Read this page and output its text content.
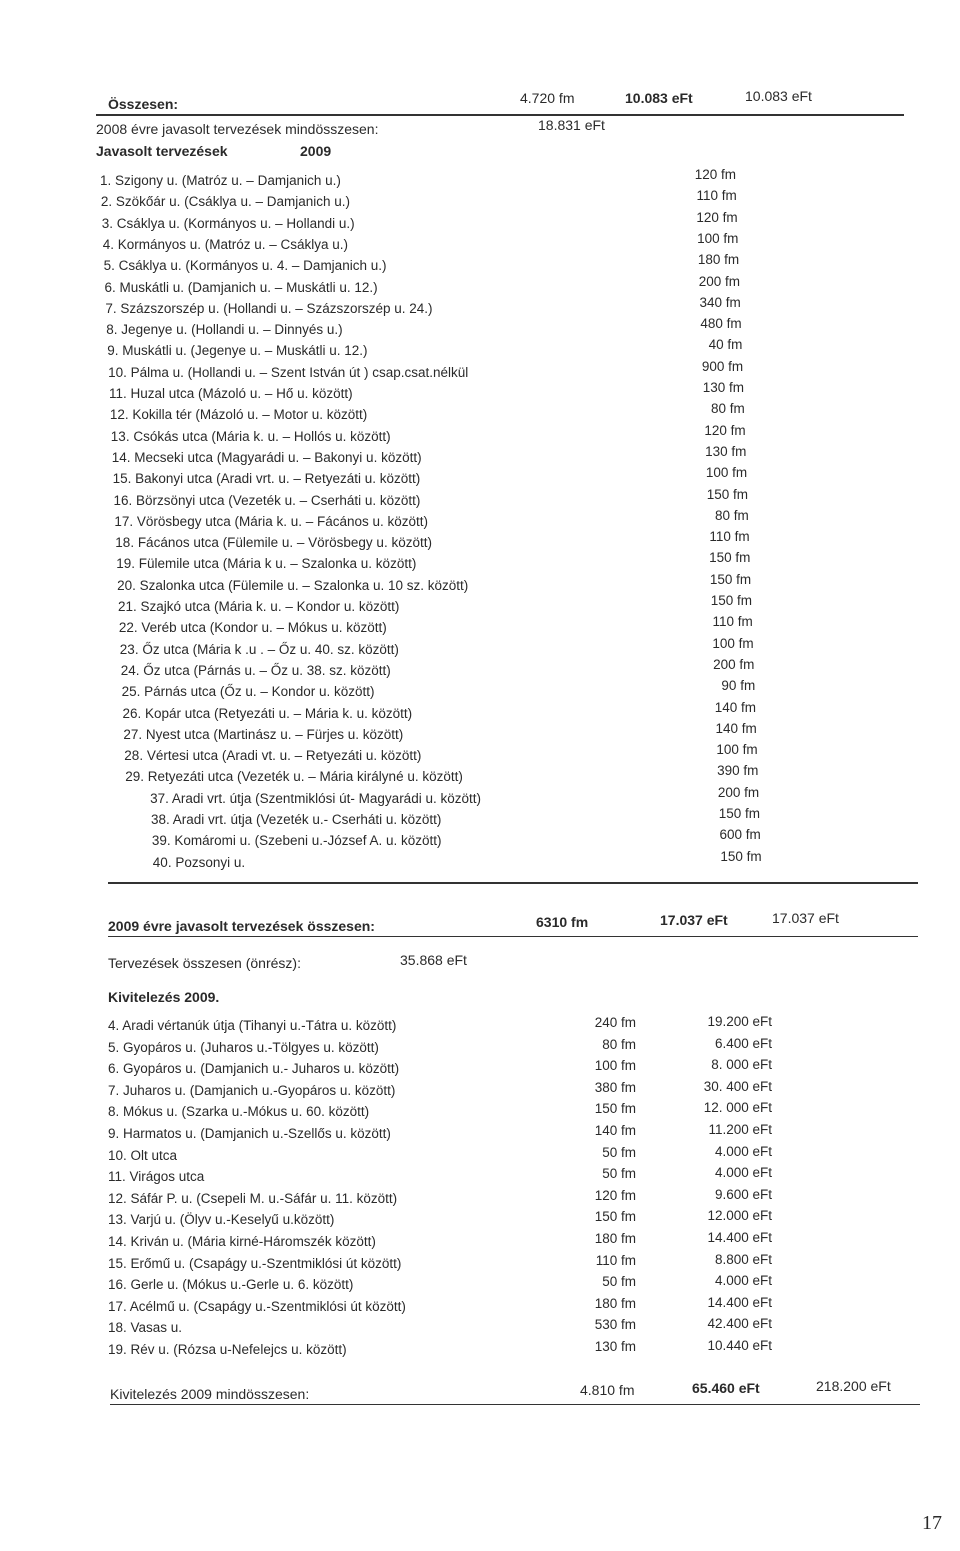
Összesen:	4.720 fm	10.083 eFt	10.083 eFt
2008 évre javasolt tervezések mindösszesen:	18.831 eFt
Javasolt tervezések	2009
1. Szigony u. (Matróz u. – Damjanich u.)	120 fm
2. Szökőár u. (Csáklya u. – Damjanich u.)	110 fm
3. Csáklya u. (Kormányos u. – Hollandi u.)	120 fm
4. Kormányos u. (Matróz u. – Csáklya u.)	100 fm
5. Csáklya u. (Kormányos u. 4. – Damjanich u.)	180 fm
6. Muskátli u. (Damjanich u. – Muskátli u. 12.)	200 fm
7. Százszorszép u. (Hollandi u. – Százszorszép u. 24.)	340 fm
8. Jegenye u. (Hollandi u. – Dinnyés u.)	480 fm
9. Muskátli u. (Jegenye u. – Muskátli u. 12.)	40 fm
10. Pálma u. (Hollandi u. – Szent István út ) csap.csat.nélkül	900 fm
11. Huzal utca (Mázoló u. – Hő u. között)	130 fm
12. Kokilla tér (Mázoló u. – Motor u. között)	80 fm
13. Csókás utca (Mária k. u. – Hollós u. között)	120 fm
14. Mecseki utca (Magyarádi u. – Bakonyi u. között)	130 fm
15. Bakonyi utca (Aradi vrt. u. – Retyezáti u. között)	100 fm
16. Börzsönyi utca (Vezeték u. – Cserháti u. között)	150 fm
17. Vörösbegy utca (Mária k. u. – Fácános u. között)	80 fm
18. Fácános utca (Fülemile u. – Vörösbegy u. között)	110 fm
19. Fülemile utca (Mária k u. – Szalonka u. között)	150 fm
20. Szalonka utca (Fülemile u. – Szalonka u. 10 sz. között)	150 fm
21. Szajkó utca (Mária k. u. – Kondor u. között)	150 fm
22. Veréb utca (Kondor u. – Mókus u. között)	110 fm
23. Őz utca (Mária k .u . – Őz u. 40. sz. között)	100 fm
24. Őz utca (Párnás u. – Őz u. 38. sz. között)	200 fm
25. Párnás utca (Őz u. – Kondor u. között)	90 fm
26. Kopár utca (Retyezáti u. – Mária k. u. között)	140 fm
27. Nyest utca (Martinász u. – Fürjes u. között)	140 fm
28. Vértesi utca (Aradi vt. u. – Retyezáti u. között)	100 fm
29. Retyezáti utca (Vezeték u. – Mária királyné u. között)	390 fm
37. Aradi vrt. útja (Szentmiklósi út- Magyarádi u. között)	200 fm
38. Aradi vrt. útja (Vezeték u.- Cserháti u. között)	150 fm
39. Komáromi u. (Szebeni u.-József A. u. között)	600 fm
40. Pozsonyi u.	150 fm
2009 évre javasolt tervezések összesen:	6310 fm	17.037 eFt	17.037 eFt
Tervezések összesen (önrész):	35.868 eFt
Kivitelezés 2009.
4. Aradi vértanúk útja (Tihanyi u.-Tátra u. között)	240 fm	19.200 eFt
5. Gyopáros u. (Juharos u.-Tölgyes u. között)	80 fm	6.400 eFt
6. Gyopáros u. (Damjanich u.- Juharos u. között)	100 fm	8. 000 eFt
7. Juharos u. (Damjanich u.-Gyopáros u. között)	380 fm	30. 400 eFt
8. Mókus u. (Szarka u.-Mókus u. 60. között)	150 fm	12. 000 eFt
9. Harmatos u. (Damjanich u.-Szellős u. között)	140 fm	11.200 eFt
10. Olt utca	50 fm	4.000 eFt
11. Virágos utca	50 fm	4.000 eFt
12. Sáfár P. u. (Csepeli M. u.-Sáfár u. 11. között)	120 fm	9.600 eFt
13. Varjú u. (Ölyv u.-Keselyű u.között)	150 fm	12.000 eFt
14. Kriván u. (Mária kirné-Háromszék között)	180 fm	14.400 eFt
15. Erőmű u. (Csapágy u.-Szentmiklósi út között)	110 fm	8.800 eFt
16. Gerle u. (Mókus u.-Gerle u. 6. között)	50 fm	4.000 eFt
17. Acélmű u. (Csapágy u.-Szentmiklósi út között)	180 fm	14.400 eFt
18. Vasas u.	530 fm	42.400 eFt
19. Rév u. (Rózsa u-Nefelejcs u. között)	130 fm	10.440 eFt
Kivitelezés 2009 mindösszesen:	4.810 fm	65.460 eFt	218.200 eFt
17
